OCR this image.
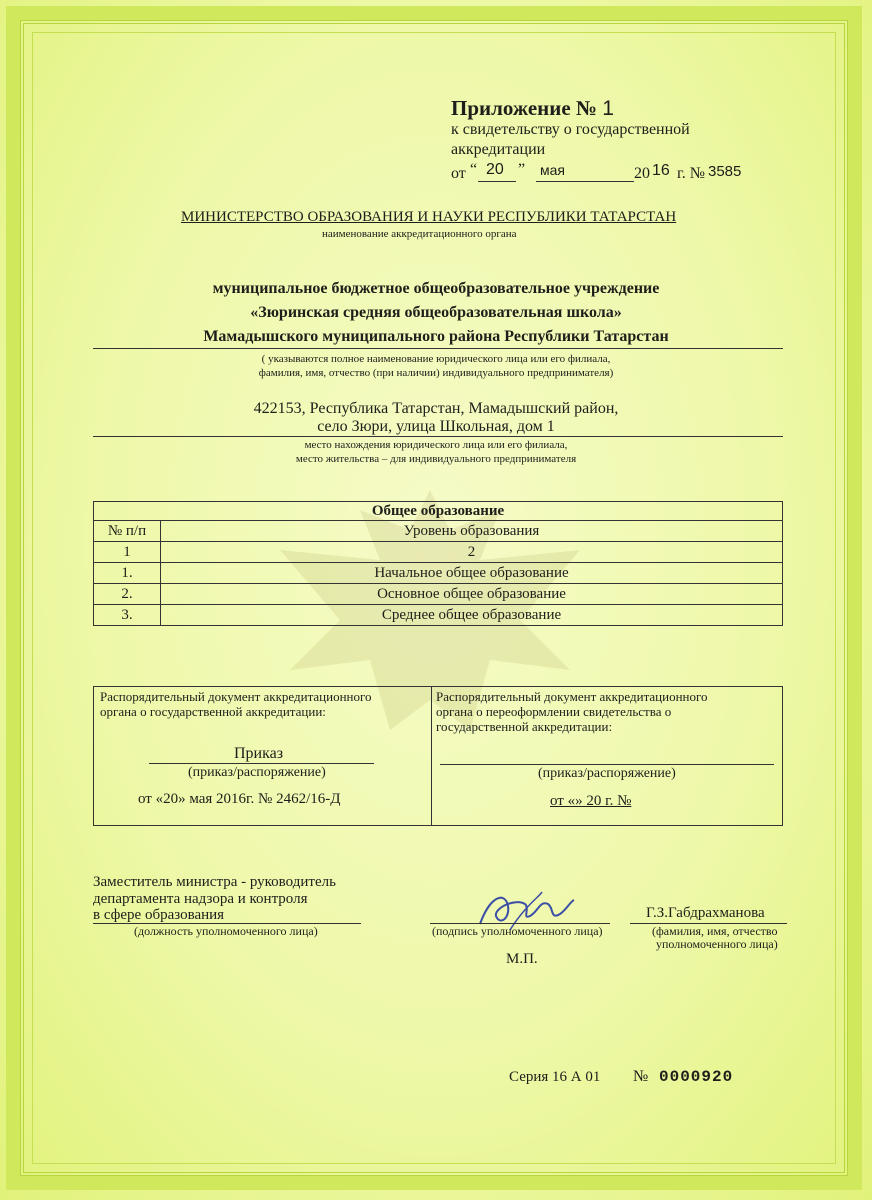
Приложение № 1
к свидетельству о государственной
аккредитации
от “ 20 ” мая	20 16 г. № 3585
МИНИСТЕРСТВО ОБРАЗОВАНИЯ И НАУКИ РЕСПУБЛИКИ ТАТАРСТАН
наименование аккредитационного органа
муниципальное бюджетное общеобразовательное учреждение
«Зюринская средняя общеобразовательная школа»
Мамадышского муниципального района Республики Татарстан
( указываются полное наименование юридического лица или его филиала,
фамилия, имя, отчество (при наличии) индивидуального предпринимателя)
422153, Республика Татарстан, Мамадышский район,
село Зюри, улица Школьная, дом 1
место нахождения юридического лица или его филиала,
место жительства – для индивидуального предпринимателя
Общее образование	
№ п/п	Уровень образования
1	2
1.	Начальное общее образование
2.	Основное общее образование
3.	Среднее общее образование
Распорядительный документ аккредитационного
органа о государственной аккредитации:
Приказ
(приказ/распоряжение)
от «20» мая 2016г. № 2462/16-Д
Распорядительный документ аккредитационного
органа о переоформлении свидетельства о
государственной аккредитации:
(приказ/распоряжение)
от «» 20 г. №
Заместитель министра - руководитель
департамента надзора и контроля
в сфере образования
(должность уполномоченного лица)	(подпись уполномоченного лица)
Г.З.Габдрахманова
(фамилия, имя, отчество
уполномоченного лица)
М.П.
Серия 16 А 01 № 0000920
